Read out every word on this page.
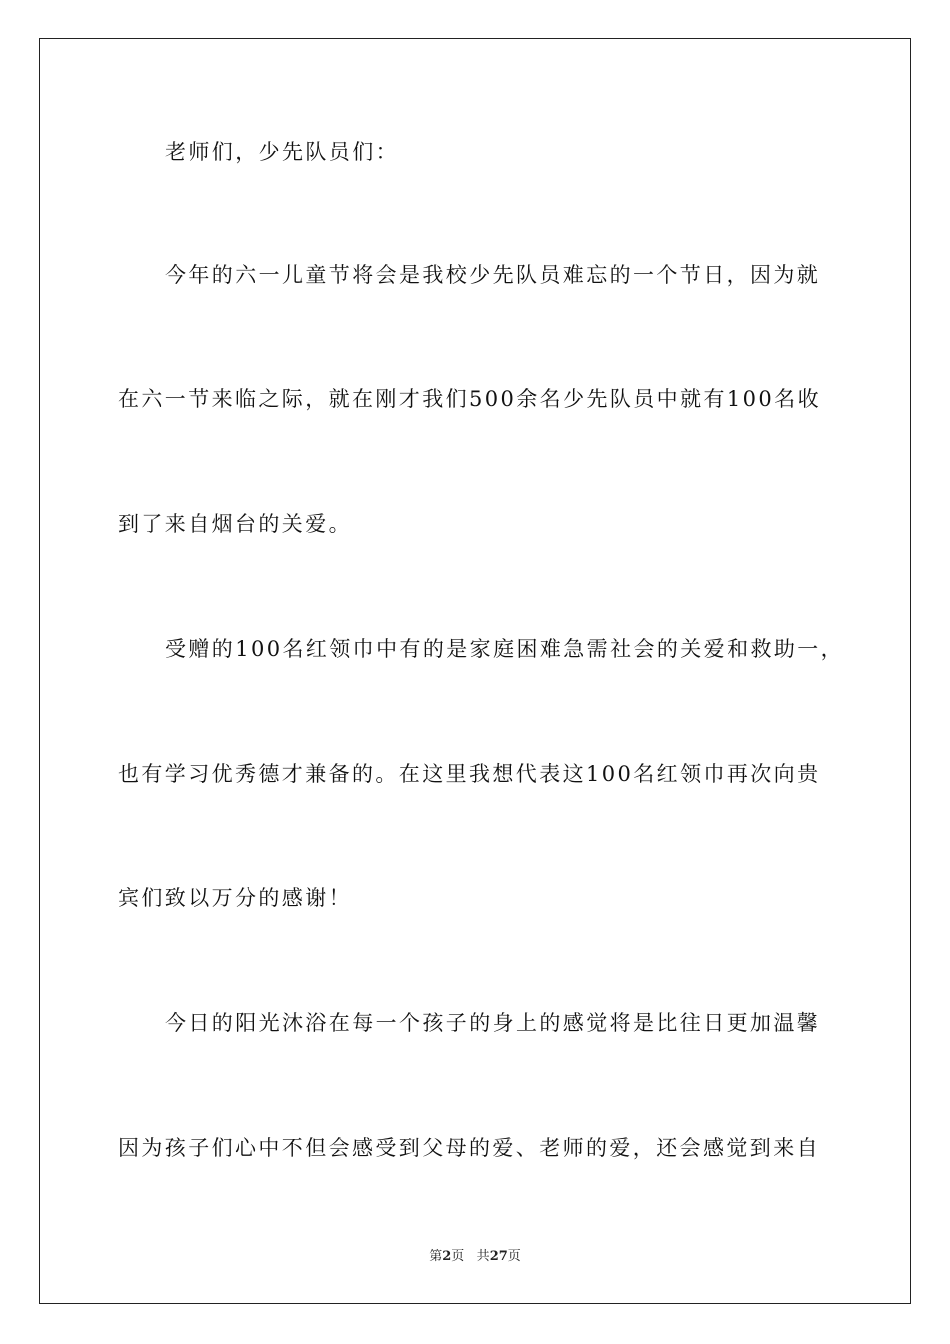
老师们，少先队员们：

今年的六一儿童节将会是我校少先队员难忘的一个节日，因为就

在六一节来临之际，就在刚才我们500余名少先队员中就有100名收

到了来自烟台的关爱。

受赠的100名红领巾中有的是家庭困难急需社会的关爱和救助一，

也有学习优秀德才兼备的。在这里我想代表这100名红领巾再次向贵

宾们致以万分的感谢！

今日的阳光沐浴在每一个孩子的身上的感觉将是比往日更加温馨

因为孩子们心中不但会感受到父母的爱、老师的爱，还会感觉到来自

第2页 共27页
